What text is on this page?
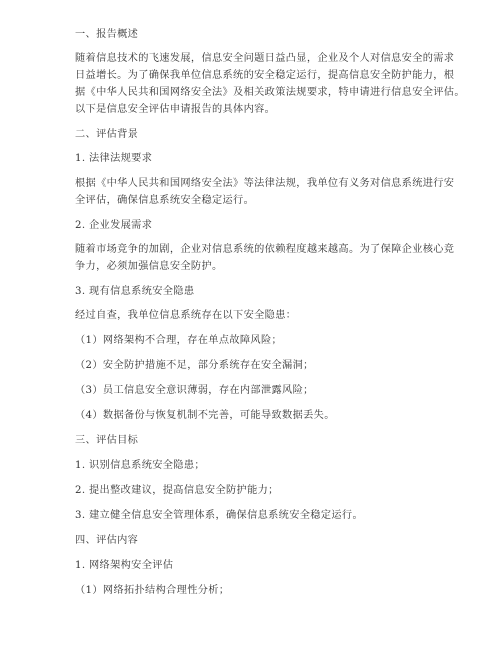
一、报告概述
随着信息技术的飞速发展，信息安全问题日益凸显，企业及个人对信息安全的需求
日益增长。为了确保我单位信息系统的安全稳定运行，提高信息安全防护能力，根
据《中华人民共和国网络安全法》及相关政策法规要求，特申请进行信息安全评估。
以下是信息安全评估申请报告的具体内容。
二、评估背景
1. 法律法规要求
根据《中华人民共和国网络安全法》等法律法规，我单位有义务对信息系统进行安
全评估，确保信息系统安全稳定运行。
2. 企业发展需求
随着市场竞争的加剧，企业对信息系统的依赖程度越来越高。为了保障企业核心竞
争力，必须加强信息安全防护。
3. 现有信息系统安全隐患
经过自查，我单位信息系统存在以下安全隐患：
（1）网络架构不合理，存在单点故障风险；
（2）安全防护措施不足，部分系统存在安全漏洞；
（3）员工信息安全意识薄弱，存在内部泄露风险；
（4）数据备份与恢复机制不完善，可能导致数据丢失。
三、评估目标
1. 识别信息系统安全隐患；
2. 提出整改建议，提高信息安全防护能力；
3. 建立健全信息安全管理体系，确保信息系统安全稳定运行。
四、评估内容
1. 网络架构安全评估
（1）网络拓扑结构合理性分析；
